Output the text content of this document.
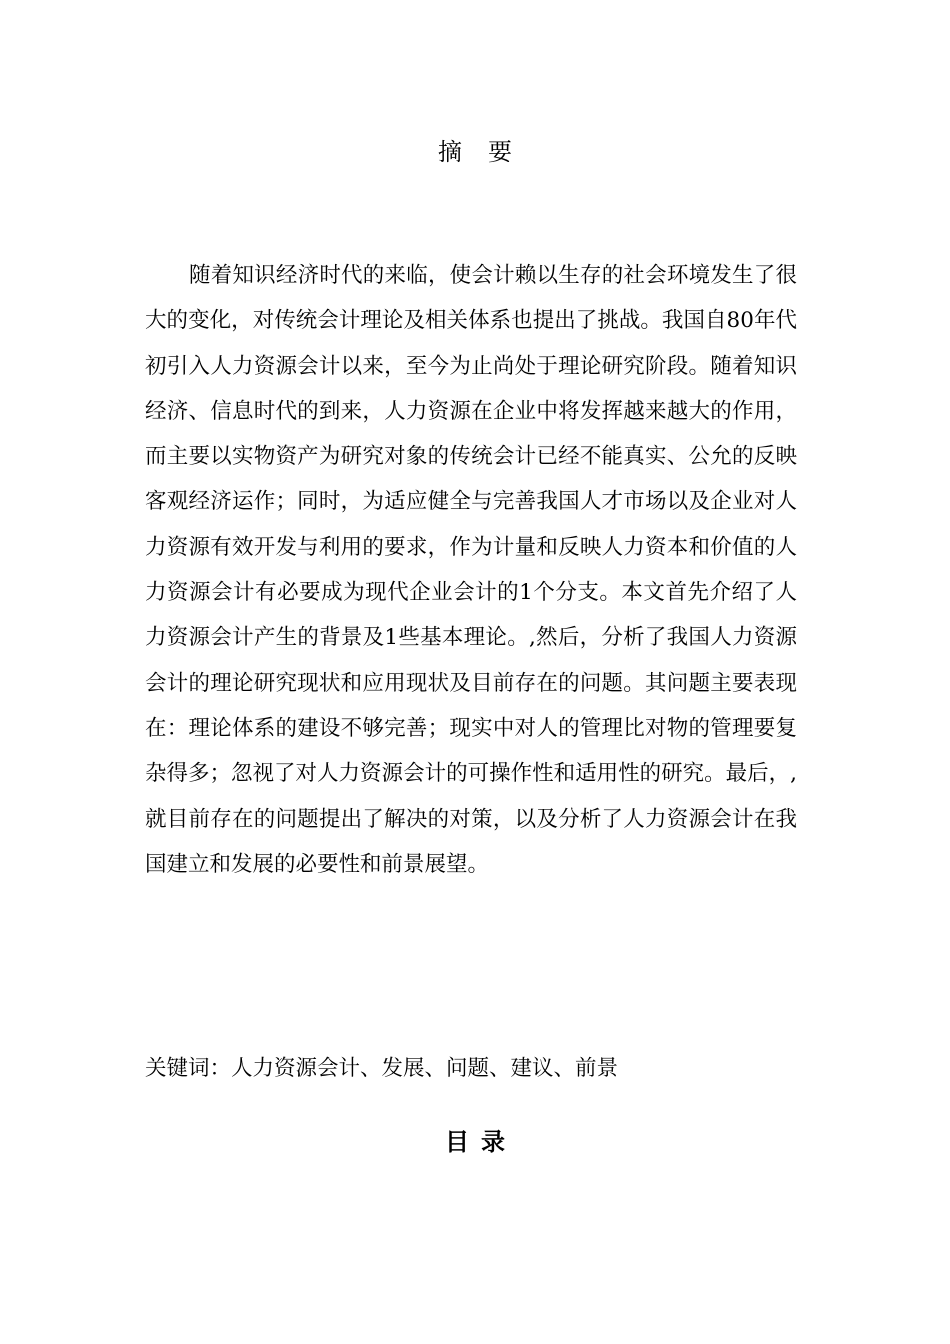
摘要

随着知识经济时代的来临，使会计赖以生存的社会环境发生了很大的变化，对传统会计理论及相关体系也提出了挑战。我国自80年代初引入人力资源会计以来，至今为止尚处于理论研究阶段。随着知识经济、信息时代的到来，人力资源在企业中将发挥越来越大的作用，而主要以实物资产为研究对象的传统会计已经不能真实、公允的反映客观经济运作；同时，为适应健全与完善我国人才市场以及企业对人力资源有效开发与利用的要求，作为计量和反映人力资本和价值的人力资源会计有必要成为现代企业会计的1个分支。本文首先介绍了人力资源会计产生的背景及1些基本理论。,然后，分析了我国人力资源会计的理论研究现状和应用现状及目前存在的问题。其问题主要表现在：理论体系的建设不够完善；现实中对人的管理比对物的管理要复杂得多；忽视了对人力资源会计的可操作性和适用性的研究。最后，,就目前存在的问题提出了解决的对策，以及分析了人力资源会计在我国建立和发展的必要性和前景展望。

关键词：人力资源会计、发展、问题、建议、前景
目录
